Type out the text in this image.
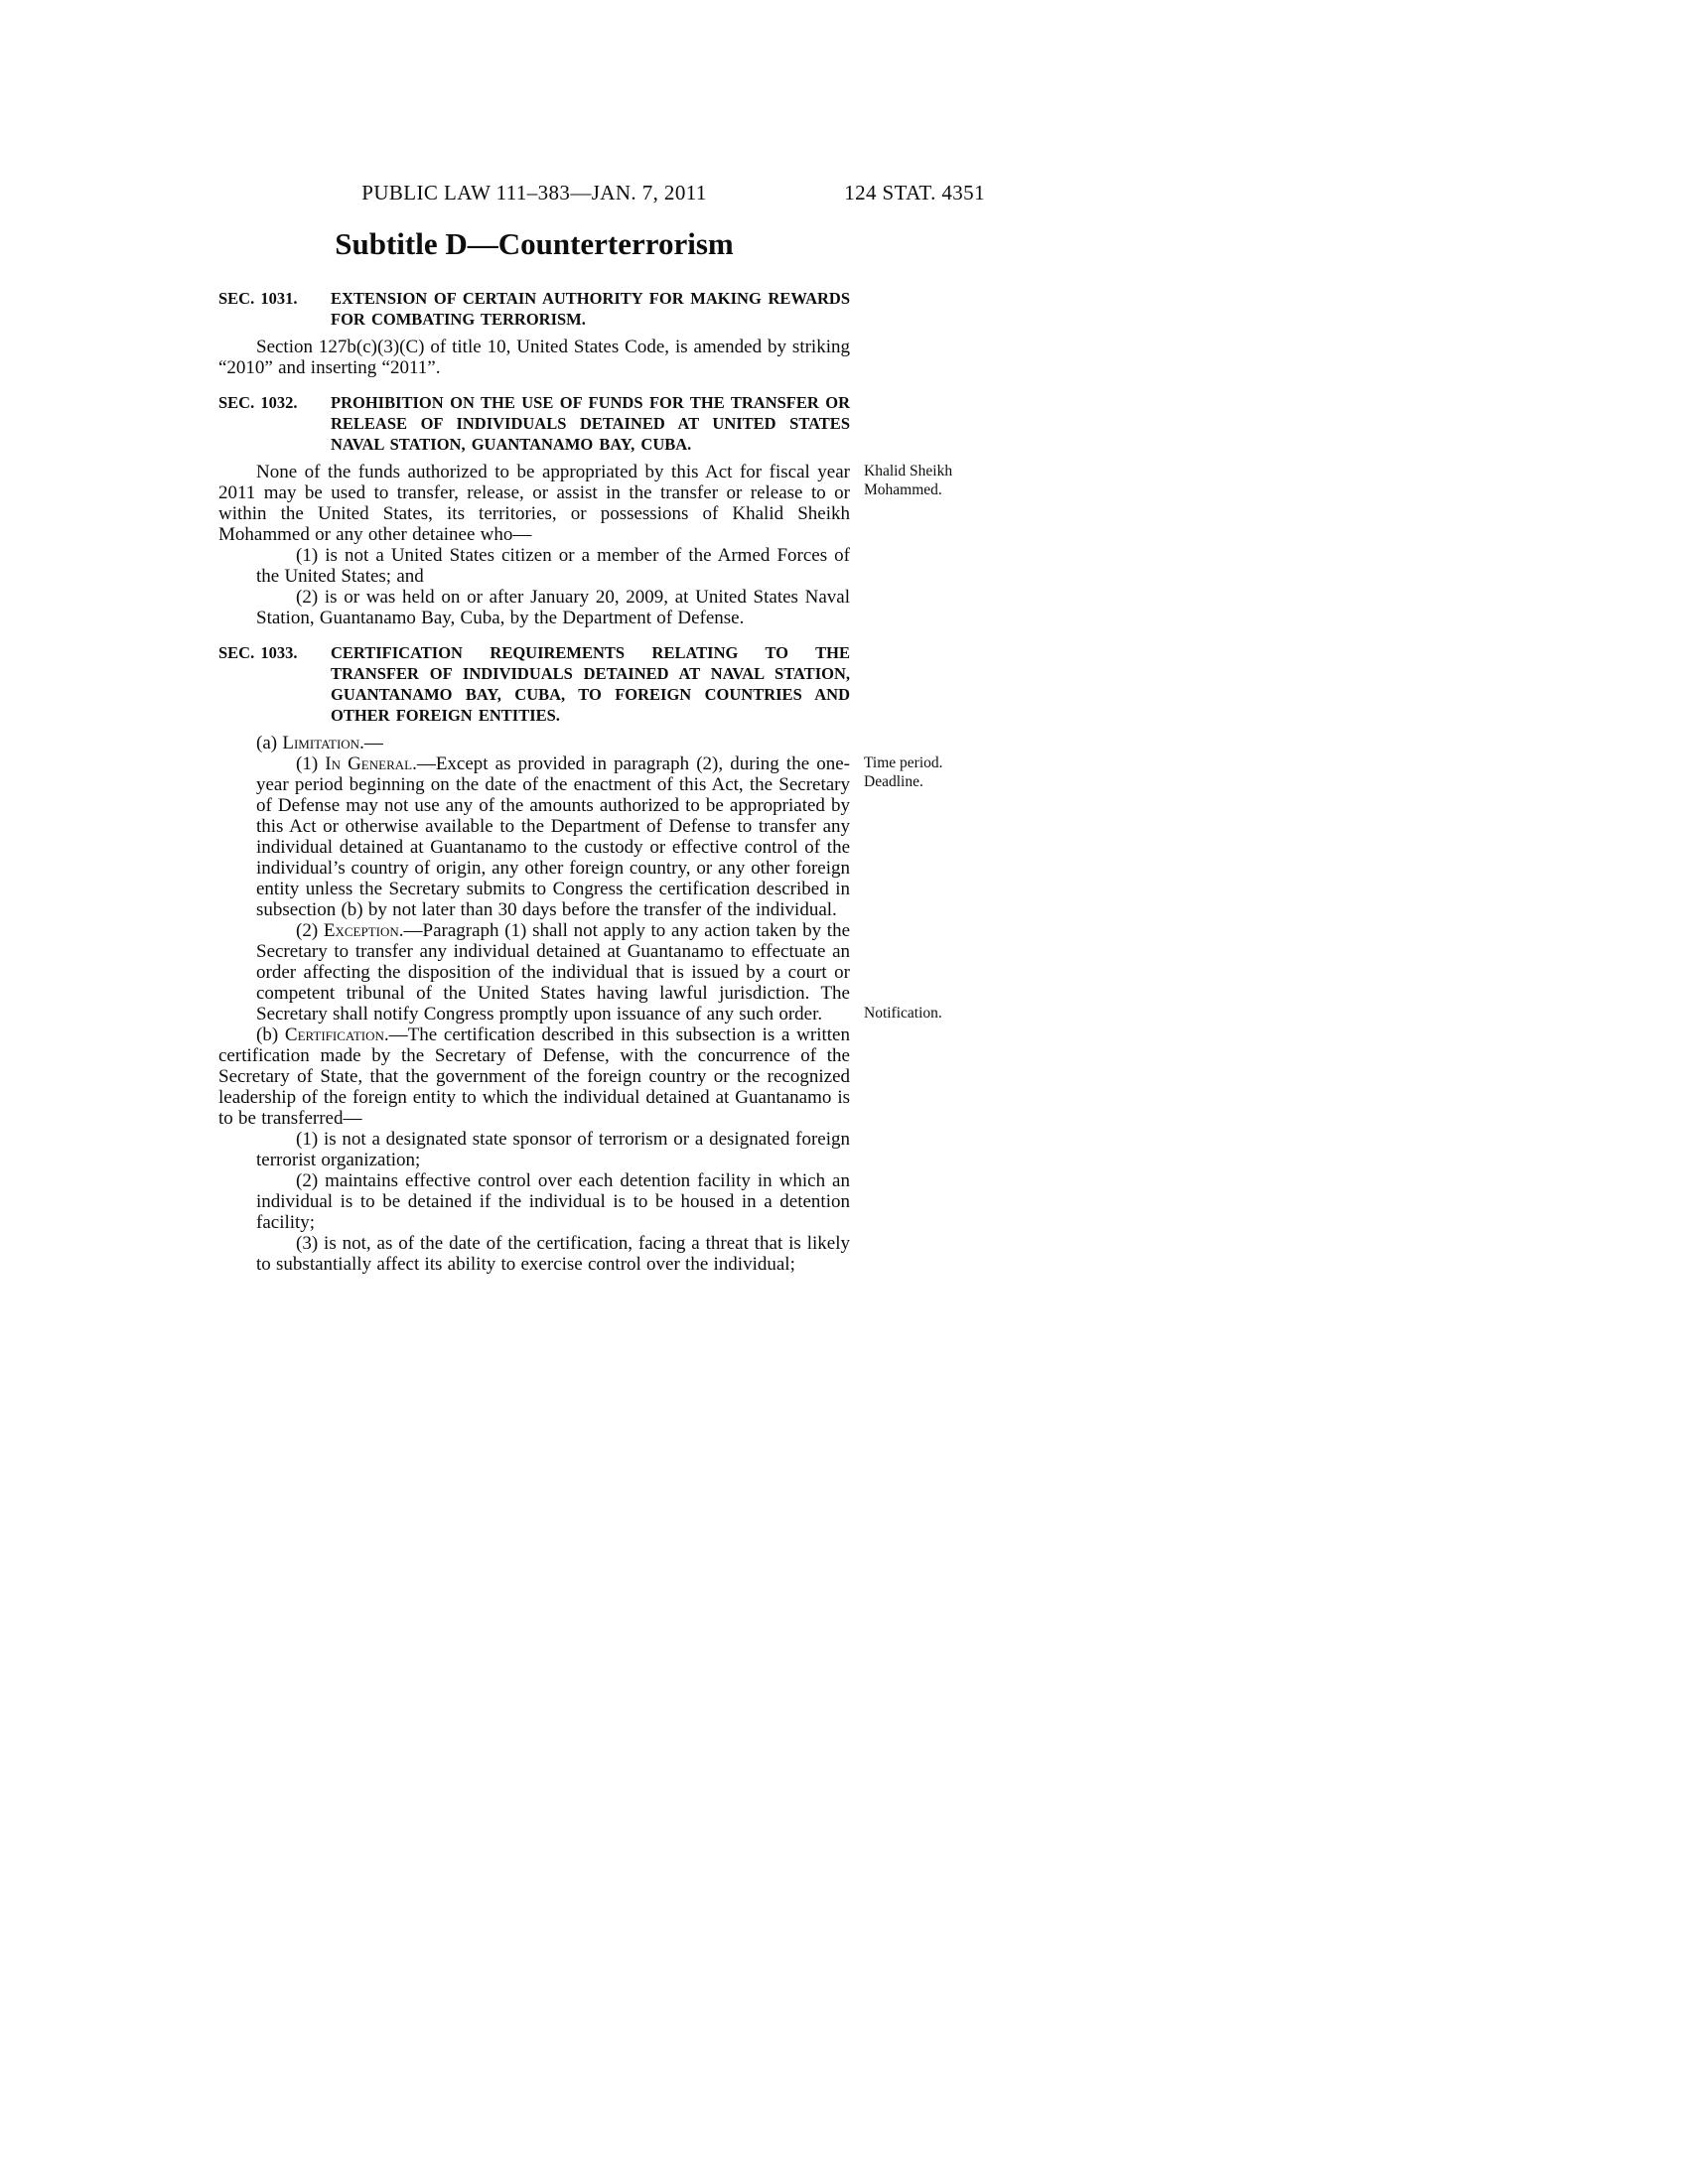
PUBLIC LAW 111–383—JAN. 7, 2011	124 STAT. 4351
Subtitle D—Counterterrorism

SEC. 1031. EXTENSION OF CERTAIN AUTHORITY FOR MAKING REWARDS FOR COMBATING TERRORISM.

Section 127b(c)(3)(C) of title 10, United States Code, is amended by striking “2010” and inserting “2011”.

SEC. 1032. PROHIBITION ON THE USE OF FUNDS FOR THE TRANSFER OR RELEASE OF INDIVIDUALS DETAINED AT UNITED STATES NAVAL STATION, GUANTANAMO BAY, CUBA.

None of the funds authorized to be appropriated by this Act for fiscal year 2011 may be used to transfer, release, or assist in the transfer or release to or within the United States, its territories, or possessions of Khalid Sheikh Mohammed or any other detainee who—

(1) is not a United States citizen or a member of the Armed Forces of the United States; and

(2) is or was held on or after January 20, 2009, at United States Naval Station, Guantanamo Bay, Cuba, by the Department of Defense.

SEC. 1033. CERTIFICATION REQUIREMENTS RELATING TO THE TRANSFER OF INDIVIDUALS DETAINED AT NAVAL STATION, GUANTANAMO BAY, CUBA, TO FOREIGN COUNTRIES AND OTHER FOREIGN ENTITIES.

(a) Limitation.—

(1) In General.—Except as provided in paragraph (2), during the one-year period beginning on the date of the enactment of this Act, the Secretary of Defense may not use any of the amounts authorized to be appropriated by this Act or otherwise available to the Department of Defense to transfer any individual detained at Guantanamo to the custody or effective control of the individual’s country of origin, any other foreign country, or any other foreign entity unless the Secretary submits to Congress the certification described in subsection (b) by not later than 30 days before the transfer of the individual.

(2) Exception.—Paragraph (1) shall not apply to any action taken by the Secretary to transfer any individual detained at Guantanamo to effectuate an order affecting the disposition of the individual that is issued by a court or competent tribunal of the United States having lawful jurisdiction. The Secretary shall notify Congress promptly upon issuance of any such order.

(b) Certification.—The certification described in this subsection is a written certification made by the Secretary of Defense, with the concurrence of the Secretary of State, that the government of the foreign country or the recognized leadership of the foreign entity to which the individual detained at Guantanamo is to be transferred—

(1) is not a designated state sponsor of terrorism or a designated foreign terrorist organization;

(2) maintains effective control over each detention facility in which an individual is to be detained if the individual is to be housed in a detention facility;

(3) is not, as of the date of the certification, facing a threat that is likely to substantially affect its ability to exercise control over the individual;

Khalid Sheikh Mohammed.
Time period.
Deadline.
Notification.
